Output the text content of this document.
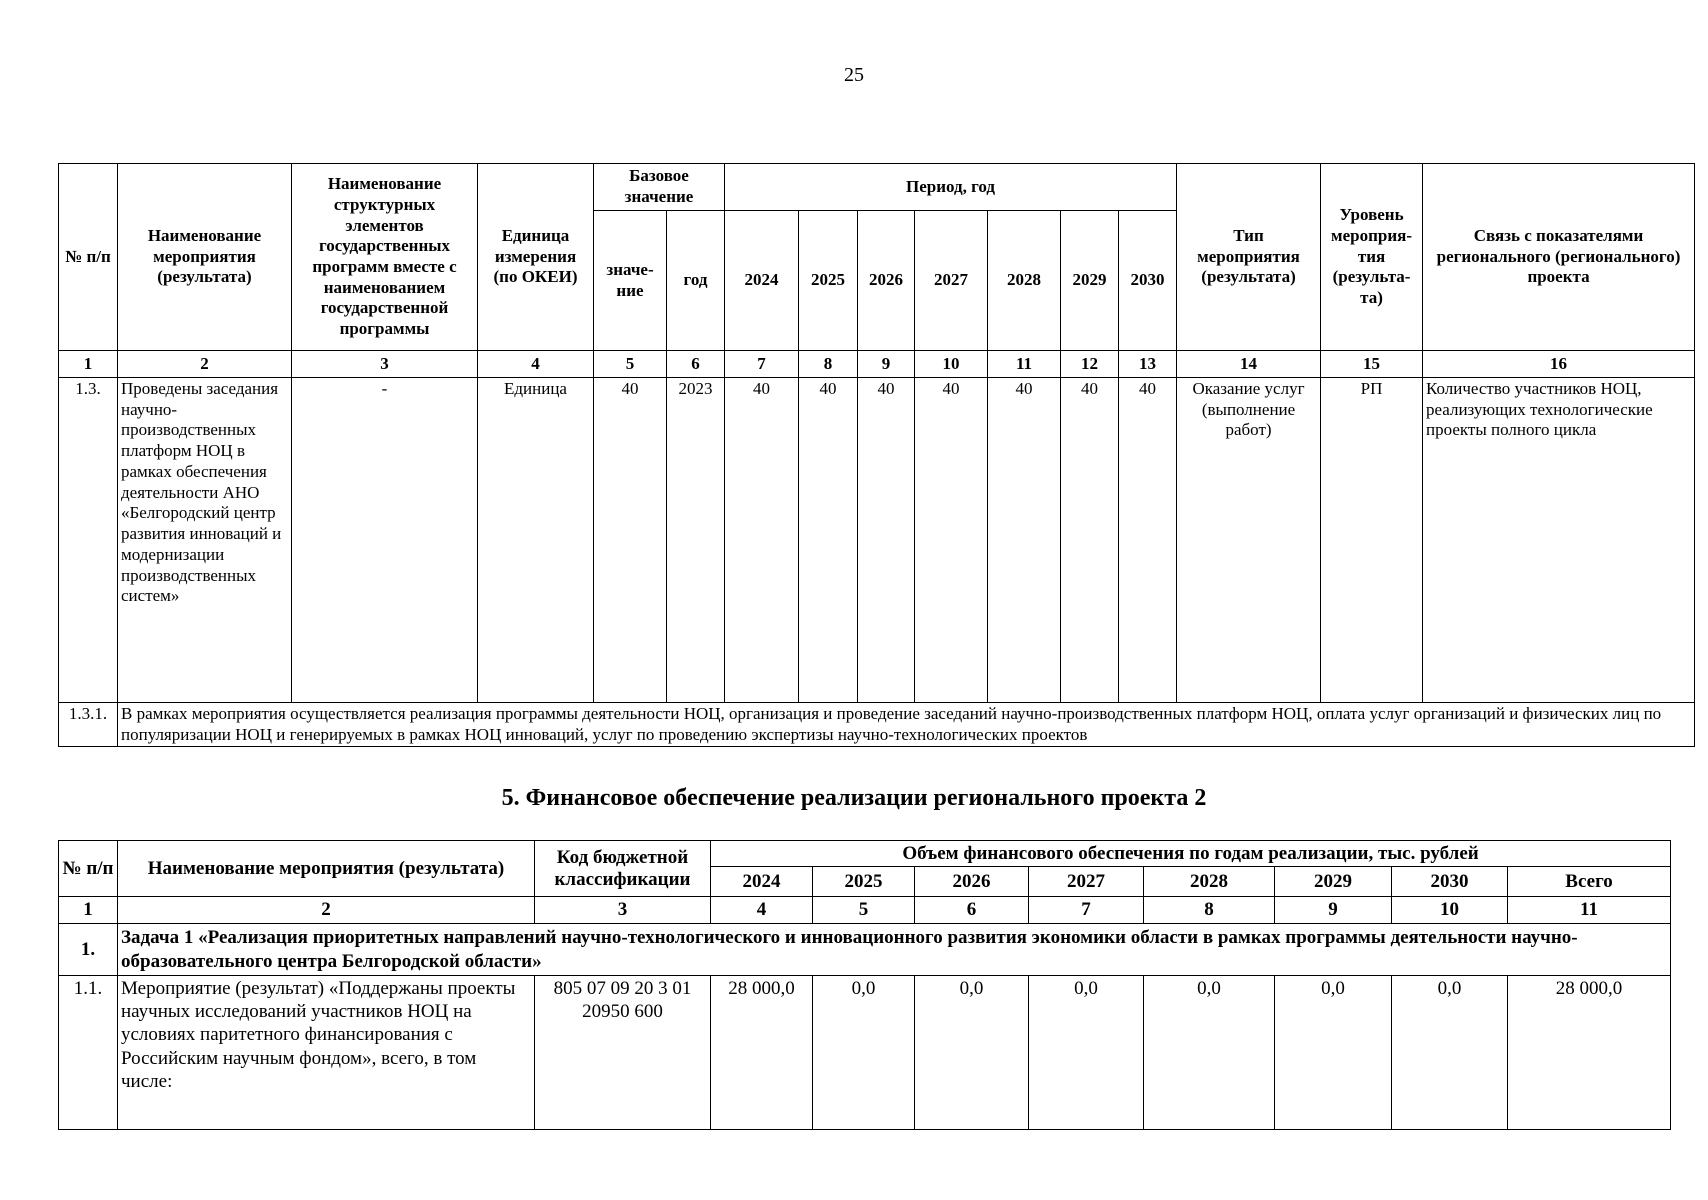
25
№ п/п	Наименование мероприятия (результата)	Наименование структурных элементов государственных программ вместе с наименованием государственной программы	Единица измерения (по ОКЕИ)	Базовое значение		Период, год							Тип мероприятия (результата)	Уровень мероприя-тия (результа-та)	Связь с показателями регионального (регионального) проекта
				значе-ние	год	2024	2025	2026	2027	2028	2029	2030			
1	2	3	4	5	6	7	8	9	10	11	12	13	14	15	16
1.3.	Проведены заседания научно-производственных платформ НОЦ в рамках обеспечения деятельности АНО «Белгородский центр развития инноваций и модернизации производственных систем»	-	Единица	40	2023	40	40	40	40	40	40	40	Оказание услуг (выполнение работ)	РП	Количество участников НОЦ, реализующих технологические проекты полного цикла
1.3.1.	В рамках мероприятия осуществляется реализация программы деятельности НОЦ, организация и проведение заседаний научно-производственных платформ НОЦ, оплата услуг организаций и физических лиц по популяризации НОЦ и генерируемых в рамках НОЦ инноваций, услуг по проведению экспертизы научно-технологических проектов														
5. Финансовое обеспечение реализации регионального проекта 2
№ п/п	Наименование мероприятия (результата)	Код бюджетной классификации	Объем финансового обеспечения по годам реализации, тыс. рублей							
			2024	2025	2026	2027	2028	2029	2030	Всего
1	2	3	4	5	6	7	8	9	10	11
1.	Задача 1 «Реализация приоритетных направлений научно-технологического и инновационного развития экономики области в рамках программы деятельности научно-образовательного центра Белгородской области»									
1.1.	Мероприятие (результат) «Поддержаны проекты научных исследований участников НОЦ на условиях паритетного финансирования с Российским научным фондом», всего, в том числе:	805 07 09 20 3 01 20950 600	28 000,0	0,0	0,0	0,0	0,0	0,0	0,0	28 000,0
